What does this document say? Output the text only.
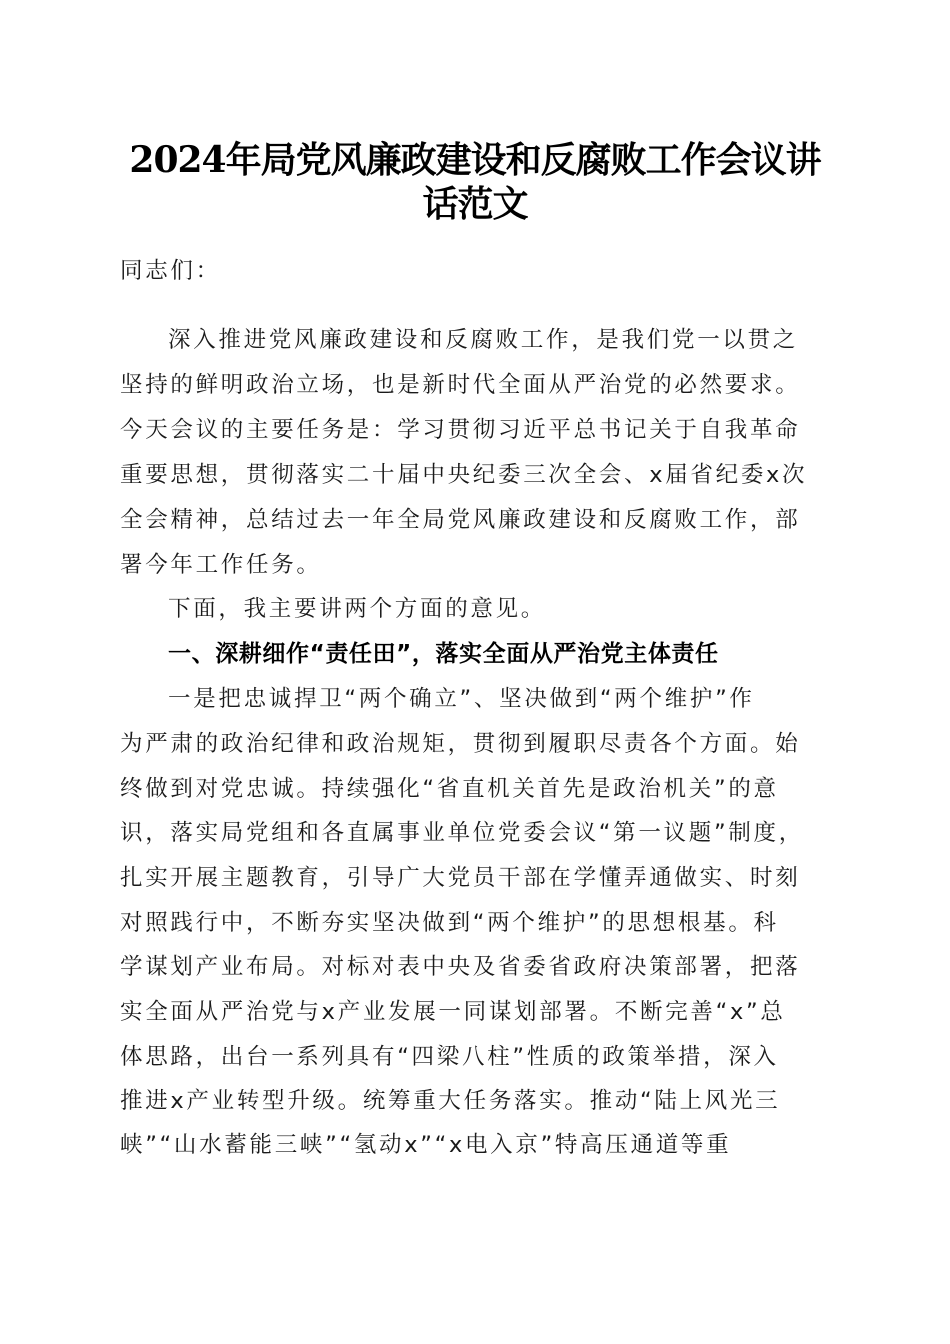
2024年局党风廉政建设和反腐败工作会议讲
话范文
同志们：
深入推进党风廉政建设和反腐败工作，是我们党一以贯之
坚持的鲜明政治立场，也是新时代全面从严治党的必然要求。
今天会议的主要任务是：学习贯彻习近平总书记关于自我革命
重要思想，贯彻落实二十届中央纪委三次全会、x届省纪委x次
全会精神，总结过去一年全局党风廉政建设和反腐败工作，部
署今年工作任务。
下面，我主要讲两个方面的意见。
一、深耕细作“责任田”，落实全面从严治党主体责任
一是把忠诚捍卫“两个确立”、坚决做到“两个维护”作
为严肃的政治纪律和政治规矩，贯彻到履职尽责各个方面。始
终做到对党忠诚。持续强化“省直机关首先是政治机关”的意
识，落实局党组和各直属事业单位党委会议“第一议题”制度，
扎实开展主题教育，引导广大党员干部在学懂弄通做实、时刻
对照践行中，不断夯实坚决做到“两个维护”的思想根基。科
学谋划产业布局。对标对表中央及省委省政府决策部署，把落
实全面从严治党与x产业发展一同谋划部署。不断完善“x”总
体思路，出台一系列具有“四梁八柱”性质的政策举措，深入
推进x产业转型升级。统筹重大任务落实。推动“陆上风光三
峡”“山水蓄能三峡”“氢动x”“x电入京”特高压通道等重
